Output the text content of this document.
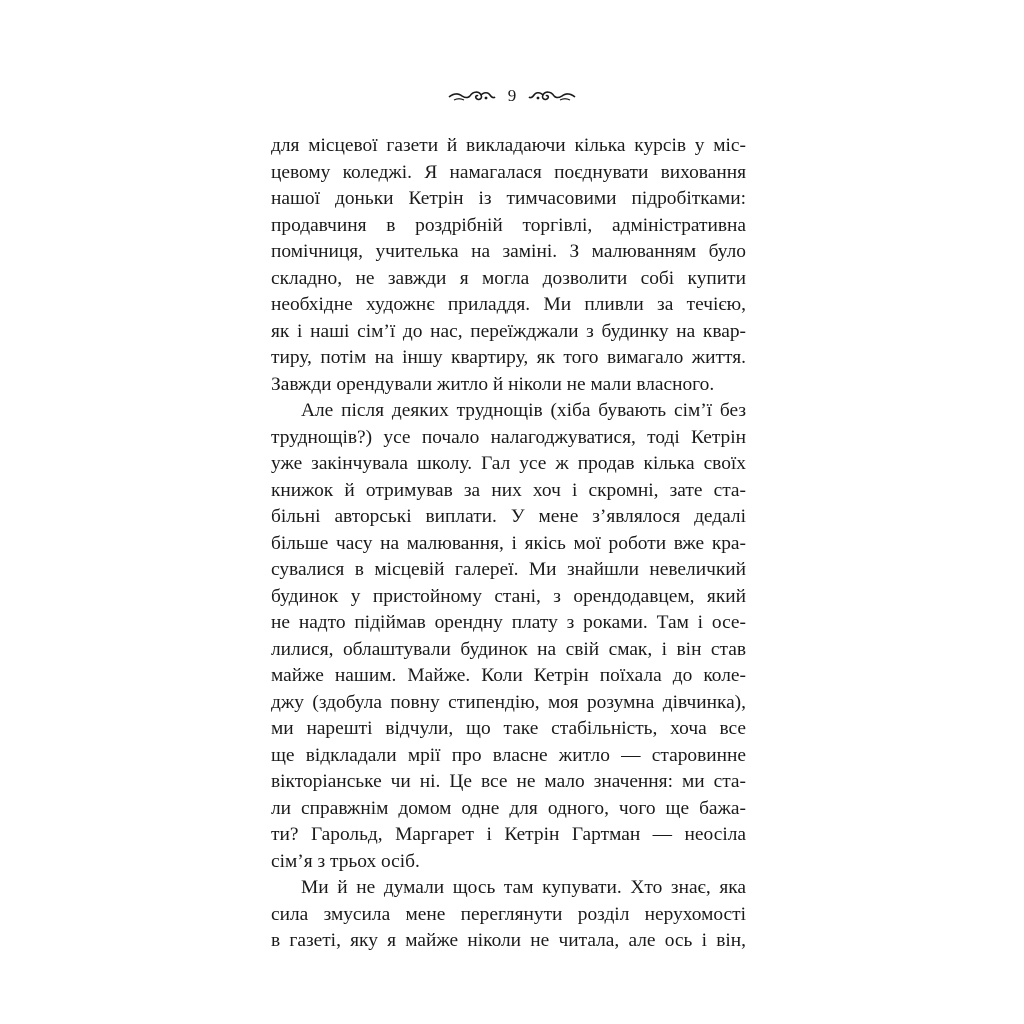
9
для місцевої газети й викладаючи кілька курсів у міс-
цевому коледжі. Я намагалася поєднувати виховання
нашої доньки Кетрін із тимчасовими підробітками:
продавчиня в роздрібній торгівлі, адміністративна
помічниця, учителька на заміні. З малюванням було
складно, не завжди я могла дозволити собі купити
необхідне художнє приладдя. Ми пливли за течією,
як і наші сім’ї до нас, переїжджали з будинку на квар-
тиру, потім на іншу квартиру, як того вимагало життя.
Завжди орендували житло й ніколи не мали власного.
Але після деяких труднощів (хіба бувають сім’ї без
труднощів?) усе почало налагоджуватися, тоді Кетрін
уже закінчувала школу. Гал усе ж продав кілька своїх
книжок й отримував за них хоч і скромні, зате ста-
більні авторські виплати. У мене з’являлося дедалі
більше часу на малювання, і якісь мої роботи вже кра-
сувалися в місцевій галереї. Ми знайшли невеличкий
будинок у пристойному стані, з орендодавцем, який
не надто підіймав орендну плату з роками. Там і осе-
лилися, облаштували будинок на свій смак, і він став
майже нашим. Майже. Коли Кетрін поїхала до коле-
джу (здобула повну стипендію, моя розумна дівчинка),
ми нарешті відчули, що таке стабільність, хоча все
ще відкладали мрії про власне житло — старовинне
вікторіанське чи ні. Це все не мало значення: ми ста-
ли справжнім домом одне для одного, чого ще бажа-
ти? Гарольд, Маргарет і Кетрін Гартман — неосіла
сім’я з трьох осіб.
Ми й не думали щось там купувати. Хто знає, яка
сила змусила мене переглянути розділ нерухомості
в газеті, яку я майже ніколи не читала, але ось і він,
